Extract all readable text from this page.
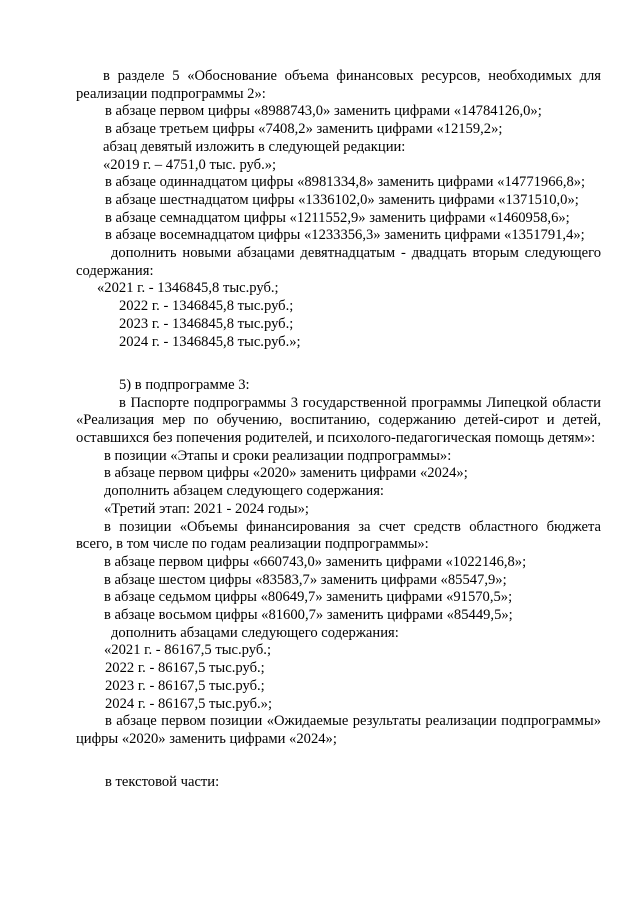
в разделе 5 «Обоснование объема финансовых ресурсов, необходимых для реализации подпрограммы 2»:

в абзаце первом цифры «8988743,0» заменить цифрами «14784126,0»;

в абзаце третьем цифры «7408,2» заменить цифрами «12159,2»;

абзац девятый изложить в следующей редакции:

«2019 г. – 4751,0 тыс. руб.»;

в абзаце одиннадцатом цифры «8981334,8» заменить цифрами «14771966,8»;

в абзаце шестнадцатом цифры «1336102,0» заменить цифрами «1371510,0»;

в абзаце семнадцатом цифры «1211552,9» заменить цифрами «1460958,6»;

в абзаце восемнадцатом цифры «1233356,3» заменить цифрами «1351791,4»;

дополнить новыми абзацами девятнадцатым - двадцать вторым следующего содержания:

«2021 г. - 1346845,8 тыс.руб.;

2022 г. - 1346845,8 тыс.руб.;

2023 г. - 1346845,8 тыс.руб.;

2024 г. - 1346845,8 тыс.руб.»;

5) в подпрограмме 3:

в Паспорте подпрограммы 3 государственной программы Липецкой области «Реализация мер по обучению, воспитанию, содержанию детей-сирот и детей, оставшихся без попечения родителей, и психолого-педагогическая помощь детям»:

в позиции «Этапы и сроки реализации подпрограммы»:

в абзаце первом цифры «2020» заменить цифрами «2024»;

дополнить абзацем следующего содержания:

«Третий этап: 2021 - 2024 годы»;

в позиции «Объемы финансирования за счет средств областного бюджета всего, в том числе по годам реализации подпрограммы»:

в абзаце первом цифры «660743,0» заменить цифрами «1022146,8»;

в абзаце шестом цифры «83583,7» заменить цифрами «85547,9»;

в абзаце седьмом цифры «80649,7» заменить цифрами «91570,5»;

в абзаце восьмом цифры «81600,7» заменить цифрами «85449,5»;

дополнить абзацами следующего содержания:

«2021 г. - 86167,5 тыс.руб.;

2022 г. - 86167,5 тыс.руб.;

2023 г. - 86167,5 тыс.руб.;

2024 г. - 86167,5 тыс.руб.»;

в абзаце первом позиции «Ожидаемые результаты реализации подпрограммы» цифры «2020» заменить цифрами «2024»;

в текстовой части:
